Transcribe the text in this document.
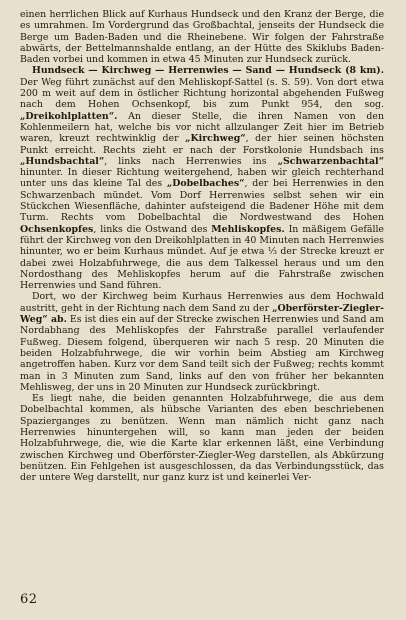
einen herrlichen Blick auf Kurhaus Hundseck und den Kranz der Berge, die es umrahmen. Im Vordergrund das Großbachtal, jenseits der Hundseck die Berge um Baden-Baden und die Rheinebene. Wir folgen der Fahrstraße abwärts, der Bettelmannshalde entlang, an der Hütte des Skiklubs Baden-Baden vorbei und kommen in etwa 45 Minuten zur Hundseck zurück.

Hundseck — Kirchweg — Herrenwies — Sand — Hundseck (8 km). Der Weg führt zunächst auf den Mehliskopf-Sattel (s. S. 59). Von dort etwa 200 m weit auf dem in östlicher Richtung horizontal abgehenden Fußweg nach dem Hohen Ochsenkopf, bis zum Punkt 954, den sog. „Dreikohlplatten“. An dieser Stelle, die ihren Namen von den Kohlenmeilern hat, welche bis vor nicht allzulanger Zeit hier im Betrieb waren, kreuzt rechtwinklig der „Kirchweg“, der hier seinen höchsten Punkt erreicht. Rechts zieht er nach der Forstkolonie Hundsbach ins „Hundsbachtal“, links nach Herrenwies ins „Schwarzenbachtal“ hinunter. In dieser Richtung weitergehend, haben wir gleich rechterhand unter uns das kleine Tal des „Dobelbaches“, der bei Herrenwies in den Schwarzenbach mündet. Vom Dorf Herrenwies selbst sehen wir ein Stückchen Wiesenfläche, dahinter aufsteigend die Badener Höhe mit dem Turm. Rechts vom Dobelbachtal die Nordwestwand des Hohen Ochsenkopfes, links die Ostwand des Mehliskopfes. In mäßigem Gefälle führt der Kirchweg von den Dreikohlplatten in 40 Minuten nach Herrenwies hinunter, wo er beim Kurhaus mündet. Auf je etwa ⅓ der Strecke kreuzt er dabei zwei Holzabfuhrwege, die aus dem Talkessel heraus und um den Nordosthang des Mehliskopfes herum auf die Fahrstraße zwischen Herrenwies und Sand führen.

Dort, wo der Kirchweg beim Kurhaus Herrenwies aus dem Hochwald austritt, geht in der Richtung nach dem Sand zu der „Oberförster-Ziegler-Weg“ ab. Es ist dies ein auf der Strecke zwischen Herrenwies und Sand am Nordabhang des Mehliskopfes der Fahrstraße parallel verlaufender Fußweg. Diesem folgend, überqueren wir nach 5 resp. 20 Minuten die beiden Holzabfuhrwege, die wir vorhin beim Abstieg am Kirchweg angetroffen haben. Kurz vor dem Sand teilt sich der Fußweg; rechts kommt man in 3 Minuten zum Sand, links auf den von früher her bekannten Mehlisweg, der uns in 20 Minuten zur Hundseck zurückbringt.

Es liegt nahe, die beiden genannten Holzabfuhrwege, die aus dem Dobelbachtal kommen, als hübsche Varianten des eben beschriebenen Spazierganges zu benützen. Wenn man nämlich nicht ganz nach Herrenwies hinuntergehen will, so kann man jeden der beiden Holzabfuhrwege, die, wie die Karte klar erkennen läßt, eine Verbindung zwischen Kirchweg und Oberförster-Ziegler-Weg darstellen, als Abkürzung benützen. Ein Fehlgehen ist ausgeschlossen, da das Verbindungsstück, das der untere Weg darstellt, nur ganz kurz ist und keinerlei Ver-

62
